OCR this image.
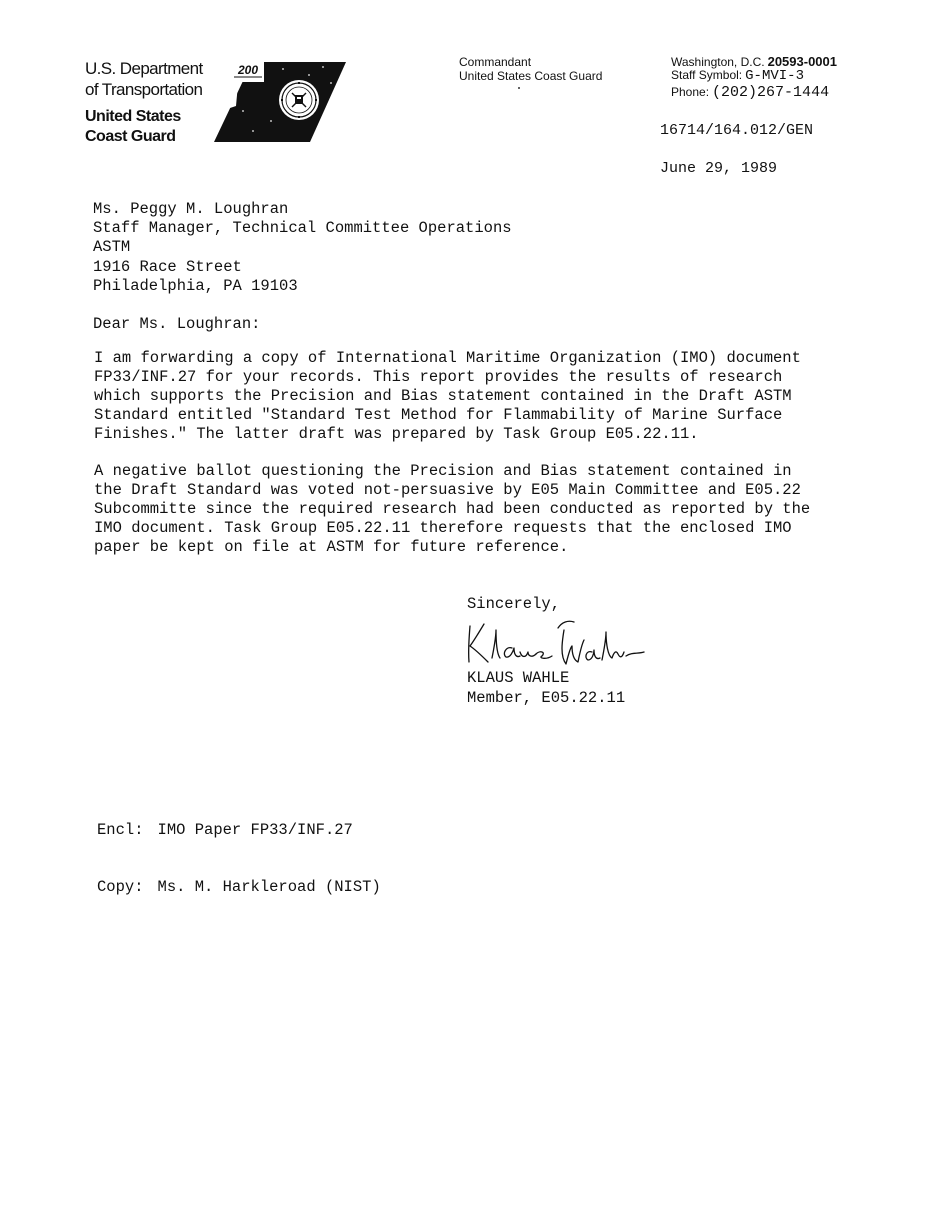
U.S. Department
of Transportation
United States
Coast Guard
200
Commandant
United States Coast Guard
Washington, D.C. 20593-0001
Staff Symbol: G-MVI-3
Phone: (202)267-1444
16714/164.012/GEN
June 29, 1989
Ms. Peggy M. Loughran
Staff Manager, Technical Committee Operations
ASTM
1916 Race Street
Philadelphia, PA 19103
Dear Ms. Loughran:
I am forwarding a copy of International Maritime Organization (IMO) document
FP33/INF.27 for your records. This report provides the results of research
which supports the Precision and Bias statement contained in the Draft ASTM
Standard entitled "Standard Test Method for Flammability of Marine Surface
Finishes." The latter draft was prepared by Task Group E05.22.11.
A negative ballot questioning the Precision and Bias statement contained in
the Draft Standard was voted not-persuasive by E05 Main Committee and E05.22
Subcommitte since the required research had been conducted as reported by the
IMO document. Task Group E05.22.11 therefore requests that the enclosed IMO
paper be kept on file at ASTM for future reference.
Sincerely,
KLAUS WAHLE
Member, E05.22.11
Encl: IMO Paper FP33/INF.27
Copy: Ms. M. Harkleroad (NIST)
